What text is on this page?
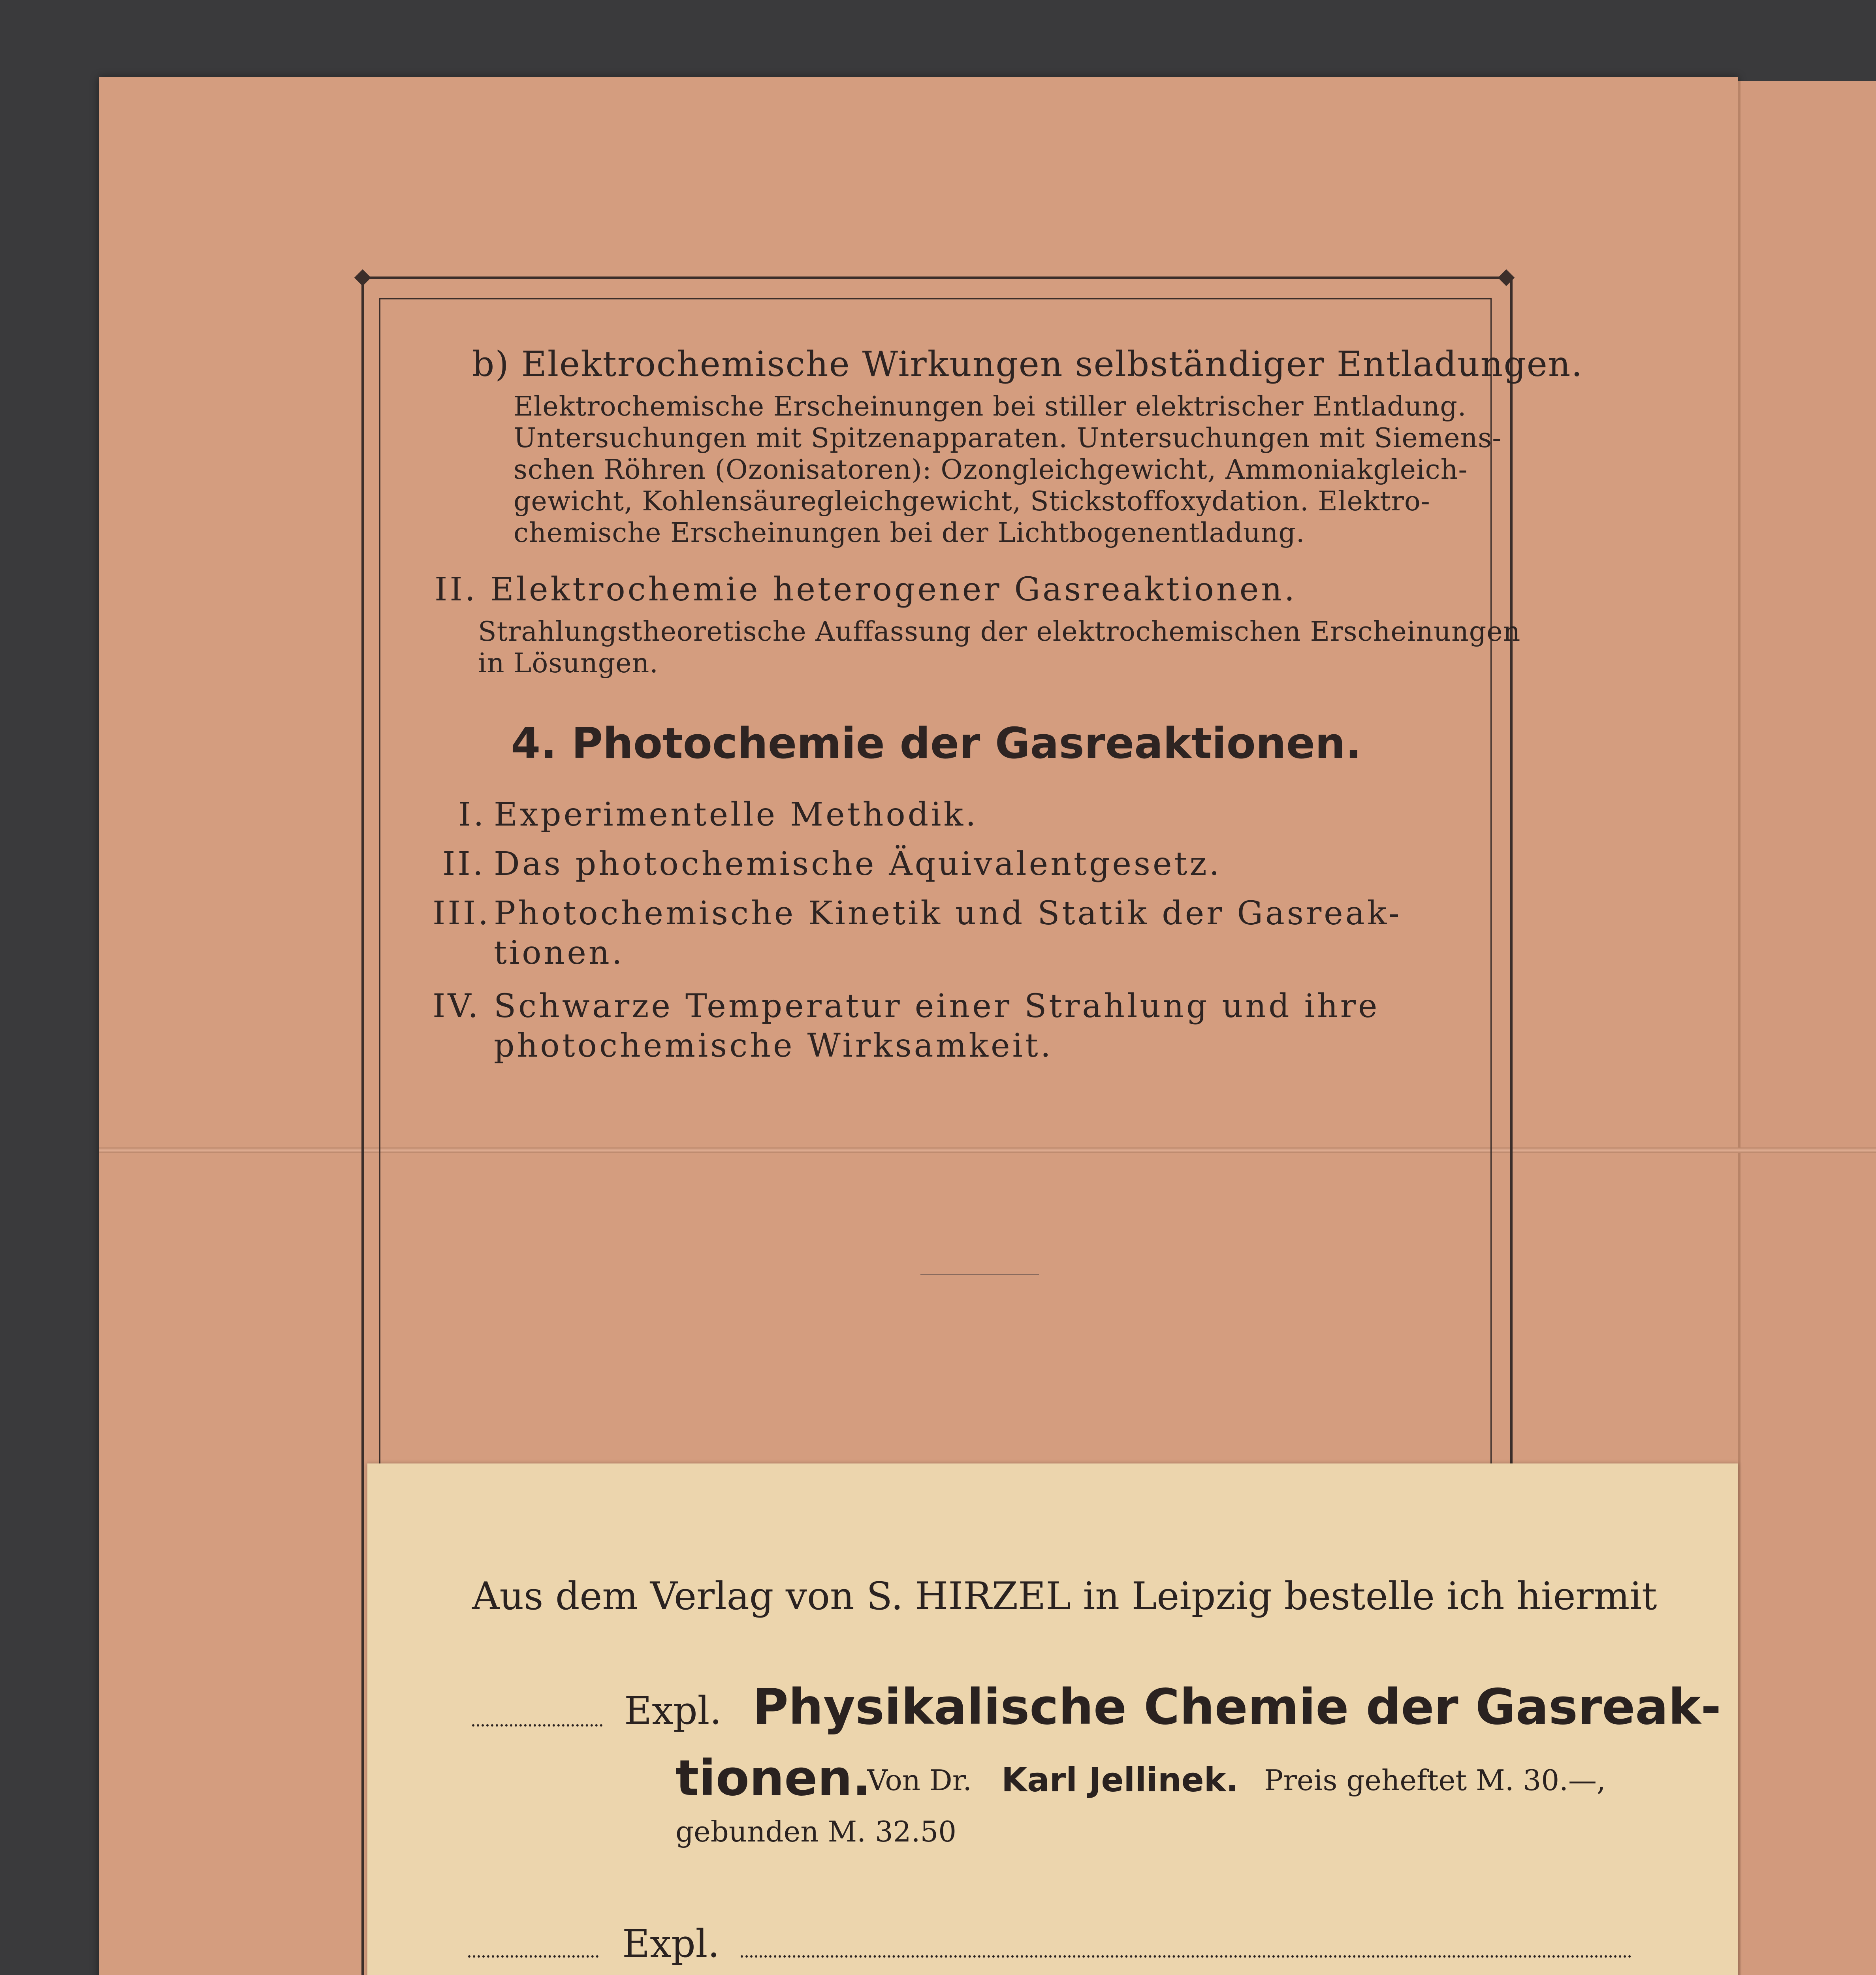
b) Elektrochemische Wirkungen selbständiger Entladungen.
Elektrochemische Erscheinungen bei stiller elektrischer Entladung.
Untersuchungen mit Spitzenapparaten. Untersuchungen mit Siemens-
schen Röhren (Ozonisatoren): Ozongleichgewicht, Ammoniakgleich-
gewicht, Kohlensäuregleichgewicht, Stickstoffoxydation. Elektro-
chemische Erscheinungen bei der Lichtbogenentladung.
II. Elektrochemie heterogener Gasreaktionen.
Strahlungstheoretische Auffassung der elektrochemischen Erscheinungen
in Lösungen.
4. Photochemie der Gasreaktionen.
I. Experimentelle Methodik.
II. Das photochemische Äquivalentgesetz.
III. Photochemische Kinetik und Statik der Gasreak-
tionen.
IV. Schwarze Temperatur einer Strahlung und ihre
photochemische Wirksamkeit.
Aus dem Verlag von S. HIRZEL in Leipzig bestelle ich hiermit
Expl. Physikalische Chemie der Gasreak-
tionen.
Von Dr. Karl Jellinek. Preis geheftet M. 30.—,
gebunden M. 32.50
Expl.
